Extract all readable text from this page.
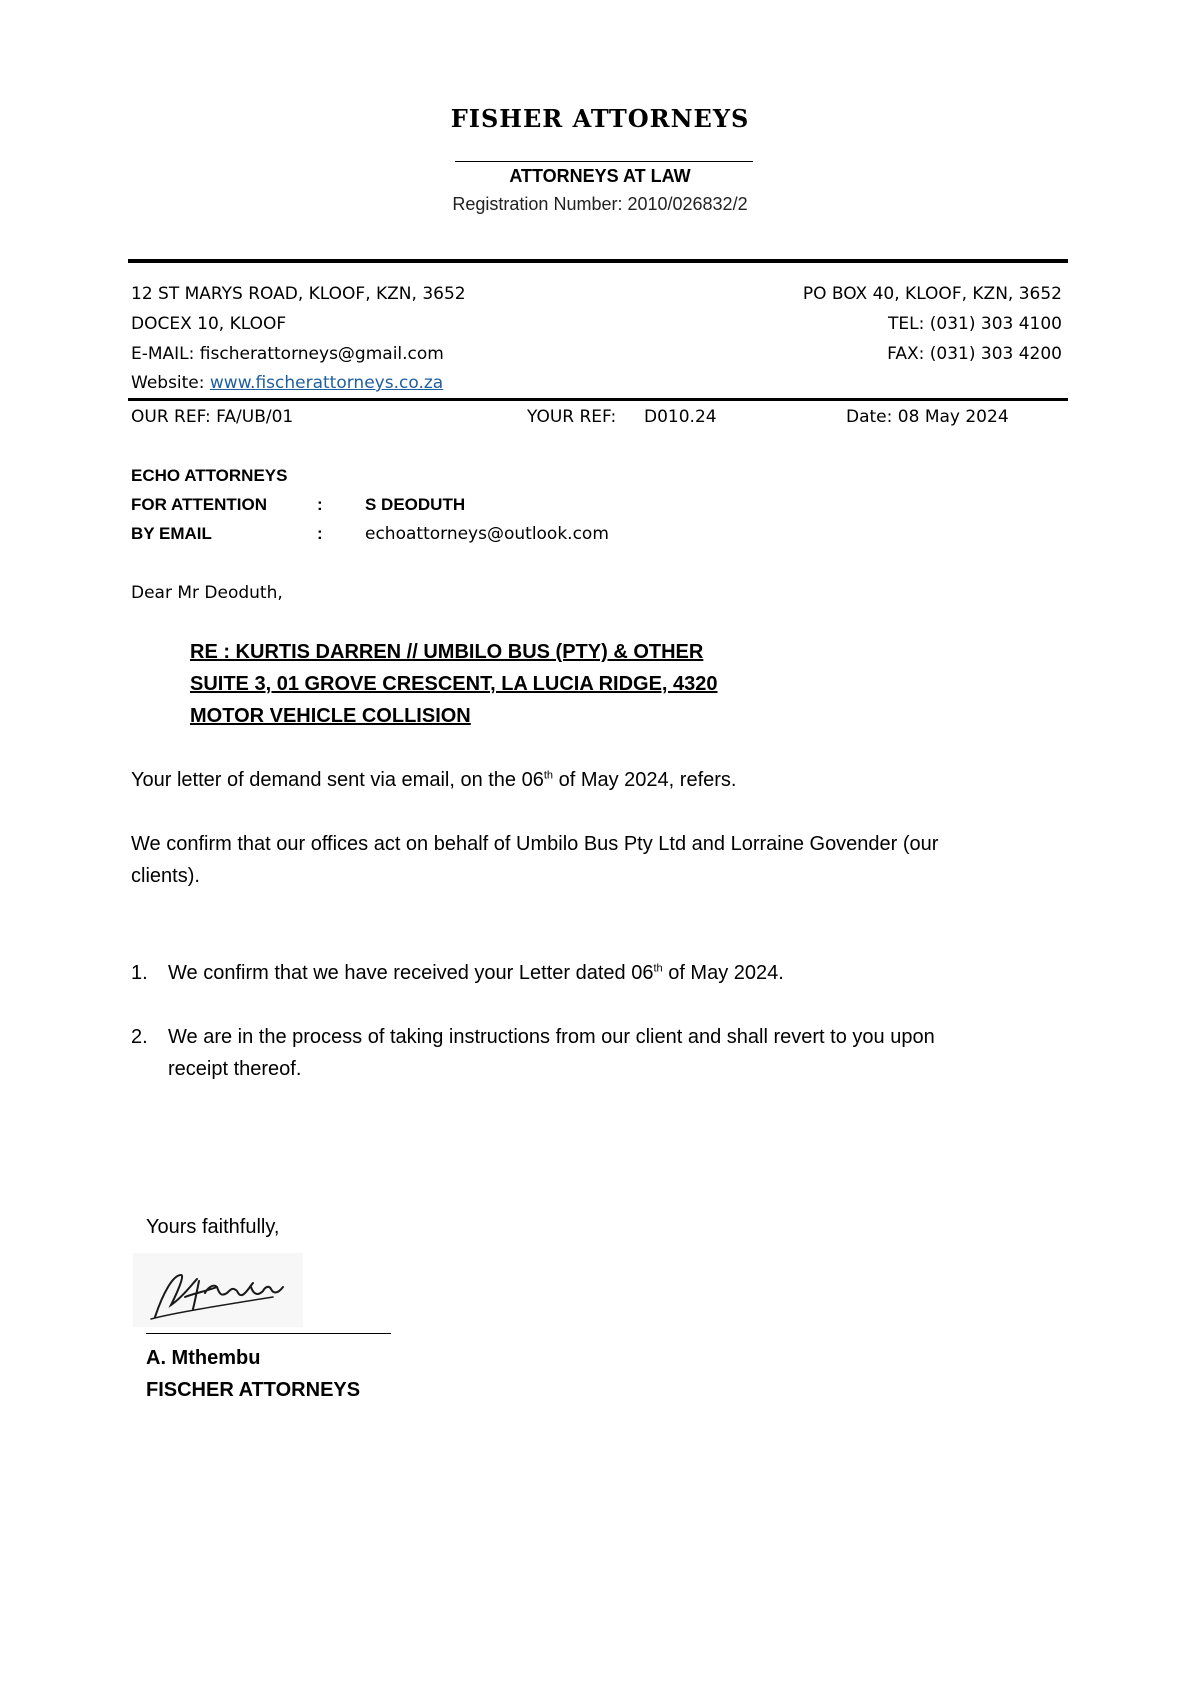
FISHER ATTORNEYS
ATTORNEYS AT LAW
Registration Number: 2010/026832/2
12 ST MARYS ROAD, KLOOF, KZN, 3652
DOCEX 10, KLOOF
E-MAIL: fischerattorneys@gmail.com
Website: www.fischerattorneys.co.za
PO BOX 40, KLOOF, KZN, 3652
TEL: (031) 303 4100
FAX: (031) 303 4200
OUR REF: FA/UB/01	YOUR REF: D010.24	Date: 08 May 2024
ECHO ATTORNEYS
FOR ATTENTION	: S DEODUTH
BY EMAIL	: echoattorneys@outlook.com
Dear Mr Deoduth,
RE : KURTIS DARREN // UMBILO BUS (PTY) & OTHER
SUITE 3, 01 GROVE CRESCENT, LA LUCIA RIDGE, 4320
MOTOR VEHICLE COLLISION
Your letter of demand sent via email, on the 06th of May 2024, refers.
We confirm that our offices act on behalf of Umbilo Bus Pty Ltd and Lorraine Govender (our
clients).
1. We confirm that we have received your Letter dated 06th of May 2024.
2. We are in the process of taking instructions from our client and shall revert to you upon
receipt thereof.
Yours faithfully,
A. Mthembu
FISCHER ATTORNEYS
